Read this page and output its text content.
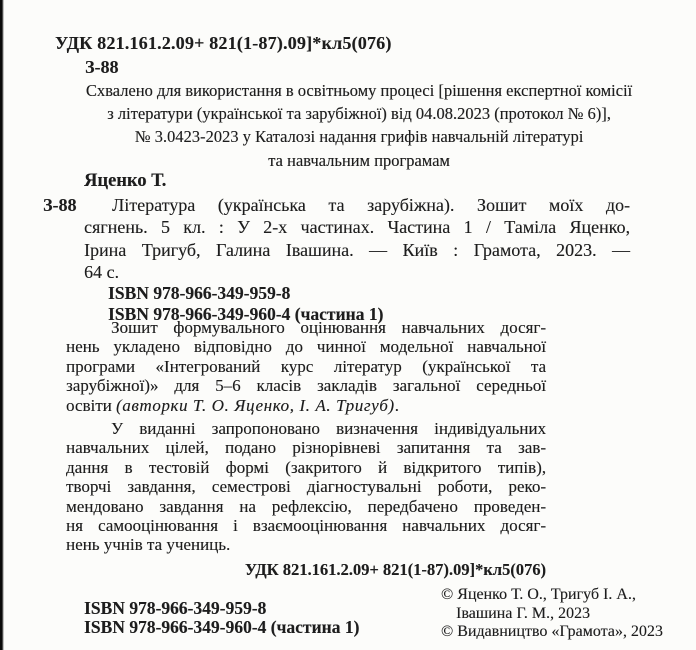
УДК 821.161.2.09+ 821(1-87).09]*кл5(076)
З-88
Схвалено для використання в освітньому процесі [рішення експертної комісії
з літератури (української та зарубіжної) від 04.08.2023 (протокол № 6)],
№ 3.0423-2023 у Каталозі надання грифів навчальній літературі
та навчальним програмам
Яценко Т.
З-88	Література (українська та зарубіжна). Зошит моїх до-
сягнень. 5 кл. : У 2-х частинах. Частина 1 / Таміла Яценко,
Ірина Тригуб, Галина Івашина. — Київ : Грамота, 2023. —
64 с.
ISBN 978-966-349-959-8
ISBN 978-966-349-960-4 (частина 1)
Зошит формувального оцінювання навчальних досяг-
нень укладено відповідно до чинної модельної навчальної
програми «Інтегрований курс літератур (української та
зарубіжної)» для 5–6 класів закладів загальної середньої
освіти (авторки Т. О. Яценко, І. А. Тригуб).
У виданні запропоновано визначення індивідуальних
навчальних цілей, подано різнорівневі запитання та зав-
дання в тестовій формі (закритого й відкритого типів),
творчі завдання, семестрові діагностувальні роботи, реко-
мендовано завдання на рефлексію, передбачено проведен-
ня самооцінювання і взаємооцінювання навчальних досяг-
нень учнів та учениць.
УДК 821.161.2.09+ 821(1-87).09]*кл5(076)
ISBN 978-966-349-959-8
ISBN 978-966-349-960-4 (частина 1)
© Яценко Т. О., Тригуб І. А.,
Івашина Г. М., 2023
© Видавництво «Грамота», 2023
